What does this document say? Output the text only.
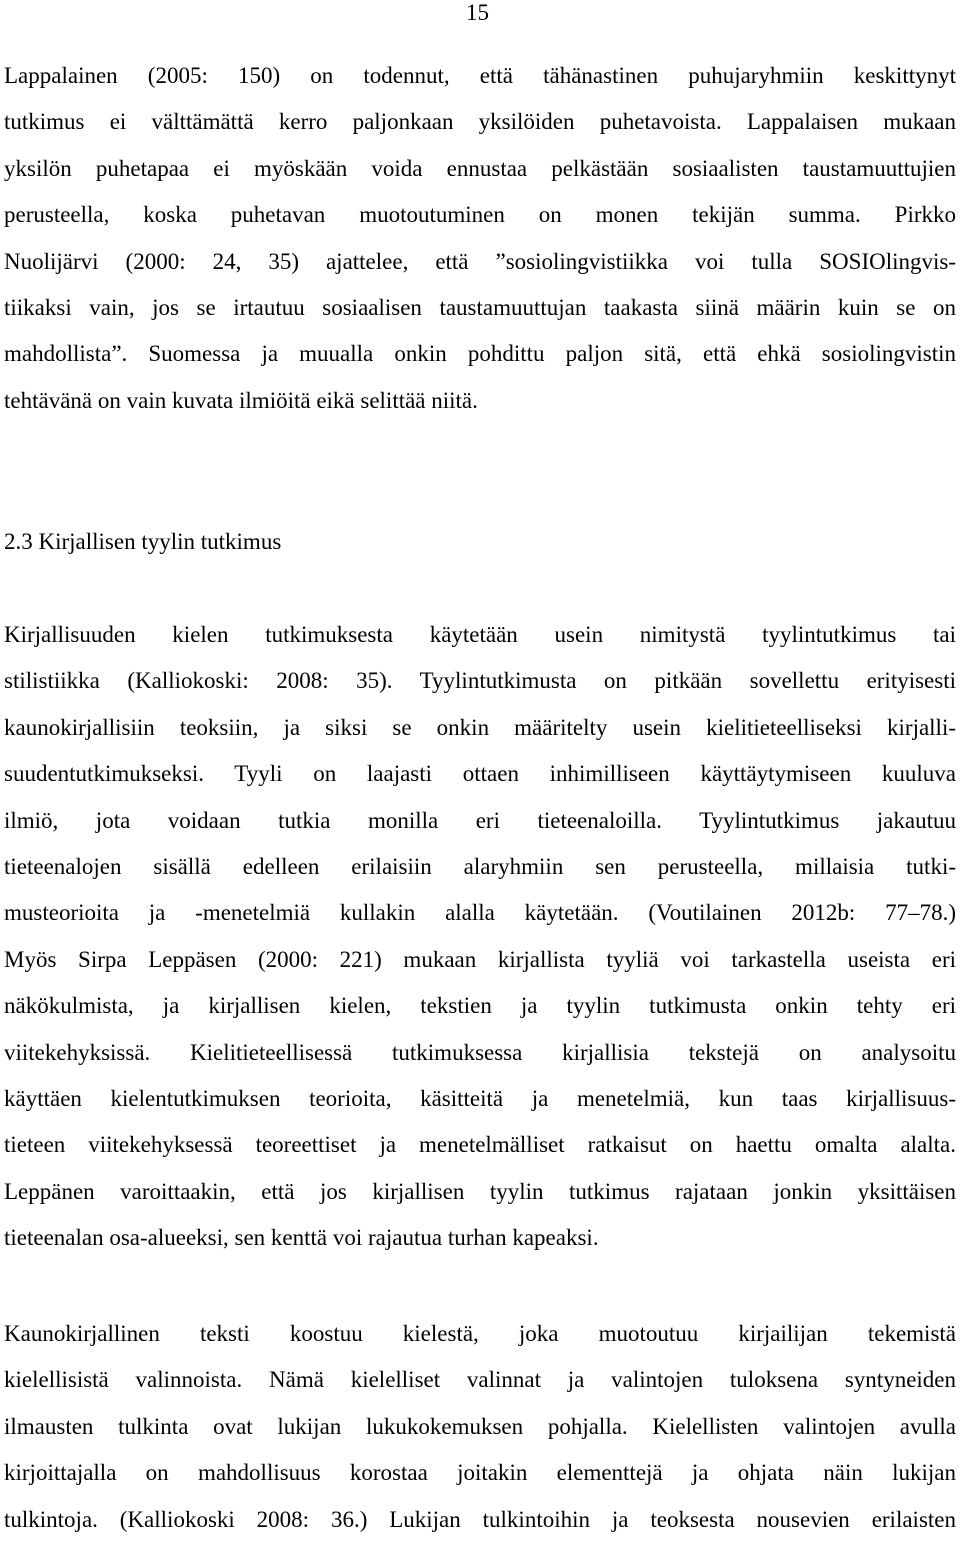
15
Lappalainen (2005: 150) on todennut, että tähänastinen puhujaryhmiin keskittynyt
tutkimus ei välttämättä kerro paljonkaan yksilöiden puhetavoista. Lappalaisen mukaan
yksilön puhetapaa ei myöskään voida ennustaa pelkästään sosiaalisten taustamuuttujien
perusteella, koska puhetavan muotoutuminen on monen tekijän summa. Pirkko
Nuolijärvi (2000: 24, 35) ajattelee, että ”sosiolingvistiikka voi tulla SOSIOlingvis-
tiikaksi vain, jos se irtautuu sosiaalisen taustamuuttujan taakasta siinä määrin kuin se on
mahdollista”. Suomessa ja muualla onkin pohdittu paljon sitä, että ehkä sosiolingvistin
tehtävänä on vain kuvata ilmiöitä eikä selittää niitä.
2.3 Kirjallisen tyylin tutkimus
Kirjallisuuden kielen tutkimuksesta käytetään usein nimitystä tyylintutkimus tai
stilistiikka (Kalliokoski: 2008: 35). Tyylintutkimusta on pitkään sovellettu erityisesti
kaunokirjallisiin teoksiin, ja siksi se onkin määritelty usein kielitieteelliseksi kirjalli-
suudentutkimukseksi. Tyyli on laajasti ottaen inhimilliseen käyttäytymiseen kuuluva
ilmiö, jota voidaan tutkia monilla eri tieteenaloilla. Tyylintutkimus jakautuu
tieteenalojen sisällä edelleen erilaisiin alaryhmiin sen perusteella, millaisia tutki-
musteorioita ja -menetelmiä kullakin alalla käytetään. (Voutilainen 2012b: 77–78.)
Myös Sirpa Leppäsen (2000: 221) mukaan kirjallista tyyliä voi tarkastella useista eri
näkökulmista, ja kirjallisen kielen, tekstien ja tyylin tutkimusta onkin tehty eri
viitekehyksissä. Kielitieteellisessä tutkimuksessa kirjallisia tekstejä on analysoitu
käyttäen kielentutkimuksen teorioita, käsitteitä ja menetelmiä, kun taas kirjallisuus-
tieteen viitekehyksessä teoreettiset ja menetelmälliset ratkaisut on haettu omalta alalta.
Leppänen varoittaakin, että jos kirjallisen tyylin tutkimus rajataan jonkin yksittäisen
tieteenalan osa-alueeksi, sen kenttä voi rajautua turhan kapeaksi.
Kaunokirjallinen teksti koostuu kielestä, joka muotoutuu kirjailijan tekemistä
kielellisistä valinnoista. Nämä kielelliset valinnat ja valintojen tuloksena syntyneiden
ilmausten tulkinta ovat lukijan lukukokemuksen pohjalla. Kielellisten valintojen avulla
kirjoittajalla on mahdollisuus korostaa joitakin elementtejä ja ohjata näin lukijan
tulkintoja. (Kalliokoski 2008: 36.) Lukijan tulkintoihin ja teoksesta nousevien erilaisten
